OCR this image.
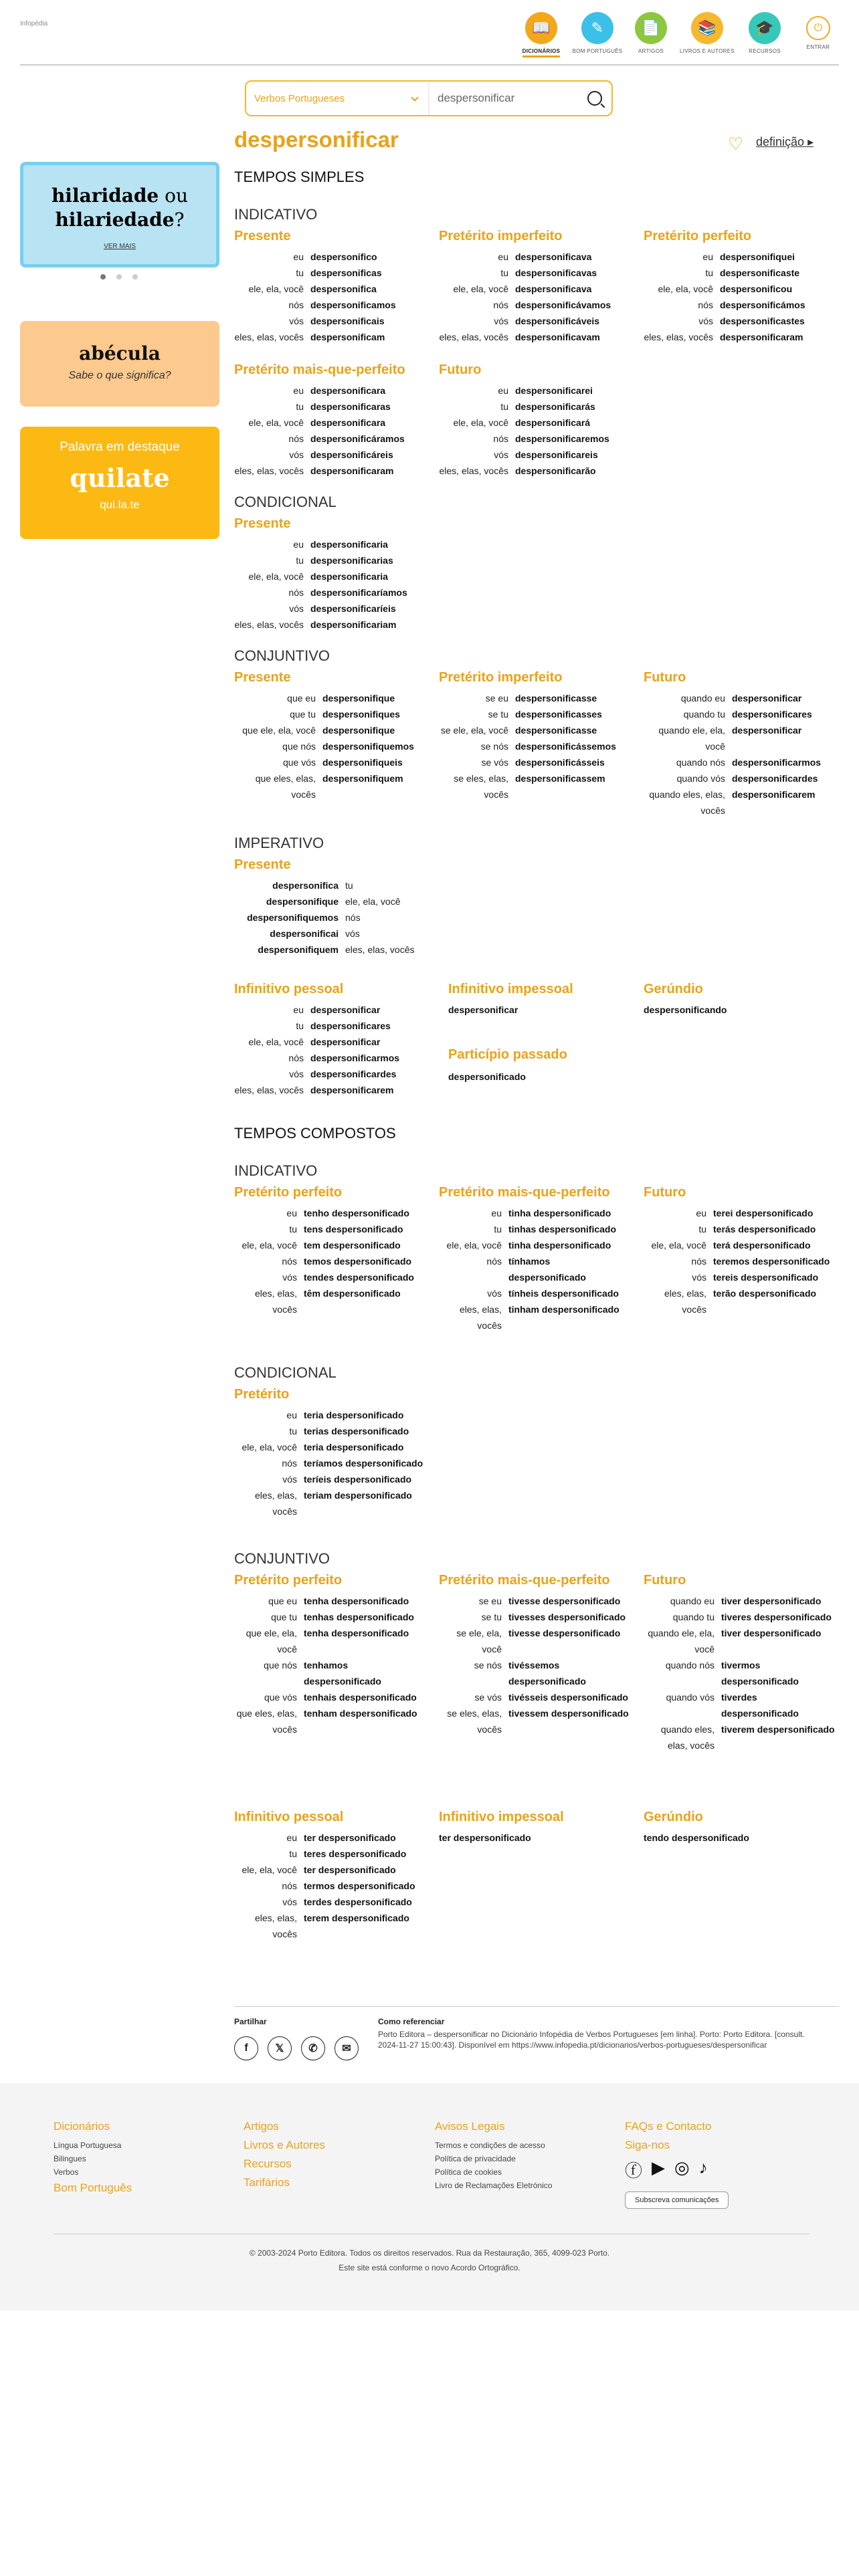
Infopédia	📖
DICIONÁRIOS
✎
BOM PORTUGUÊS
📄
ARTIGOS
📚
LIVROS E AUTORES
🎓
RECURSOS
⏻
ENTRAR
Verbos Portugueses
despersonificar
hilaridade ou
hilariedade?
VER MAIS
abécula
Sabe o que significa?
Palavra em destaque
quilate
qui.la.te
despersonificar	♡ definição ▸
TEMPOS SIMPLES
INDICATIVO
Presente	Pretérito imperfeito	Pretérito perfeito
eu despersonifico
tu despersonificas
ele, ela, você despersonifica
nós despersonificamos
vós despersonificais
eles, elas, vocês despersonificam
eu despersonificava
tu despersonificavas
ele, ela, você despersonificava
nós despersonificávamos
vós despersonificáveis
eles, elas, vocês despersonificavam
eu despersonifiquei
tu despersonificaste
ele, ela, você despersonificou
nós despersonificámos
vós despersonificastes
eles, elas, vocês despersonificaram
Pretérito mais-que-perfeito	Futuro
eu despersonificara
tu despersonificaras
ele, ela, você despersonificara
nós despersonificáramos
vós despersonificáreis
eles, elas, vocês despersonificaram
eu despersonificarei
tu despersonificarás
ele, ela, você despersonificará
nós despersonificaremos
vós despersonificareis
eles, elas, vocês despersonificarão
CONDICIONAL
Presente
eu despersonificaria
tu despersonificarias
ele, ela, você despersonificaria
nós despersonificaríamos
vós despersonificaríeis
eles, elas, vocês despersonificariam
CONJUNTIVO
Presente	Pretérito imperfeito	Futuro
que eu despersonifique
que tu despersonifiques
que ele, ela, você despersonifique
que nós despersonifiquemos
que vós despersonifiqueis
que eles, elas, vocês
despersonifiquem
se eu despersonificasse
se tu despersonificasses
se ele, ela, você despersonificasse
se nós despersonificássemos
se vós despersonificásseis
se eles, elas, vocês
despersonificassem
quando eu despersonificar
quando tu despersonificares
quando ele, ela, você
despersonificar
quando nós despersonificarmos
quando vós despersonificardes
quando eles, elas, vocês
despersonificarem
IMPERATIVO
Presente
despersonifica tu
despersonifique ele, ela, você
despersonifiquemos nós
despersonificai vós
despersonifiquem eles, elas, vocês
Infinitivo pessoal	Infinitivo impessoal	Gerúndio
eu despersonificar
tu despersonificares
ele, ela, você despersonificar
nós despersonificarmos
vós despersonificardes
eles, elas, vocês despersonificarem
despersonificar	despersonificando
Particípio passado
despersonificado
TEMPOS COMPOSTOS
INDICATIVO
Pretérito perfeito	Pretérito mais-que-perfeito	Futuro
eu tenho despersonificado
tu tens despersonificado
ele, ela, você tem despersonificado
nós temos despersonificado
vós tendes despersonificado
eles, elas, vocês
têm despersonificado
eu tinha despersonificado
tu tinhas despersonificado
ele, ela, você tinha despersonificado
nós tínhamos despersonificado
vós tínheis despersonificado
eles, elas, vocês
tinham despersonificado
eu terei despersonificado
tu terás despersonificado
ele, ela, você terá despersonificado
nós teremos despersonificado
vós tereis despersonificado
eles, elas, vocês
terão despersonificado
CONDICIONAL
Pretérito
eu teria despersonificado
tu terias despersonificado
ele, ela, você teria despersonificado
nós teríamos despersonificado
vós teríeis despersonificado
eles, elas, vocês
teriam despersonificado
CONJUNTIVO
Pretérito perfeito	Pretérito mais-que-perfeito	Futuro
que eu tenha despersonificado
que tu tenhas despersonificado
que ele, ela, você
tenha despersonificado
que nós tenhamos despersonificado
que vós tenhais despersonificado
que eles, elas, vocês
tenham despersonificado
se eu tivesse despersonificado
se tu tivesses despersonificado
se ele, ela, você
tivesse despersonificado
se nós tivéssemos despersonificado
se vós tivésseis despersonificado
se eles, elas, vocês
tivessem despersonificado
quando eu tiver despersonificado
quando tu tiveres despersonificado
quando ele, ela, você
tiver despersonificado
quando nós tivermos despersonificado
quando vós tiverdes despersonificado
quando eles, elas, vocês
tiverem despersonificado
Infinitivo pessoal	Infinitivo impessoal	Gerúndio
eu ter despersonificado
tu teres despersonificado
ele, ela, você ter despersonificado
nós termos despersonificado
vós terdes despersonificado
eles, elas, vocês
terem despersonificado
ter despersonificado	tendo despersonificado
Partilhar
f	𝕏	✆	✉
Como referenciar
Porto Editora – despersonificar no Dicionário Infopédia de Verbos Portugueses [em linha]. Porto: Porto Editora. [consult. 2024-11-27 15:00:43]. Disponível em https://www.infopedia.pt/dicionarios/verbos-portugueses/despersonificar
Dicionários
Língua Portuguesa
Bilingues
Verbos
Bom Português
Artigos
Livros e Autores
Recursos
Tarifários
Avisos Legais
Termos e condições de acesso
Política de privacidade
Política de cookies
Livro de Reclamações Eletrónico
FAQs e Contacto
Siga-nos
ⓕ ▶ ◎ ♪
Subscreva comunicações
© 2003-2024 Porto Editora. Todos os direitos reservados. Rua da Restauração, 365, 4099-023 Porto.
Este site está conforme o novo Acordo Ortográfico.
